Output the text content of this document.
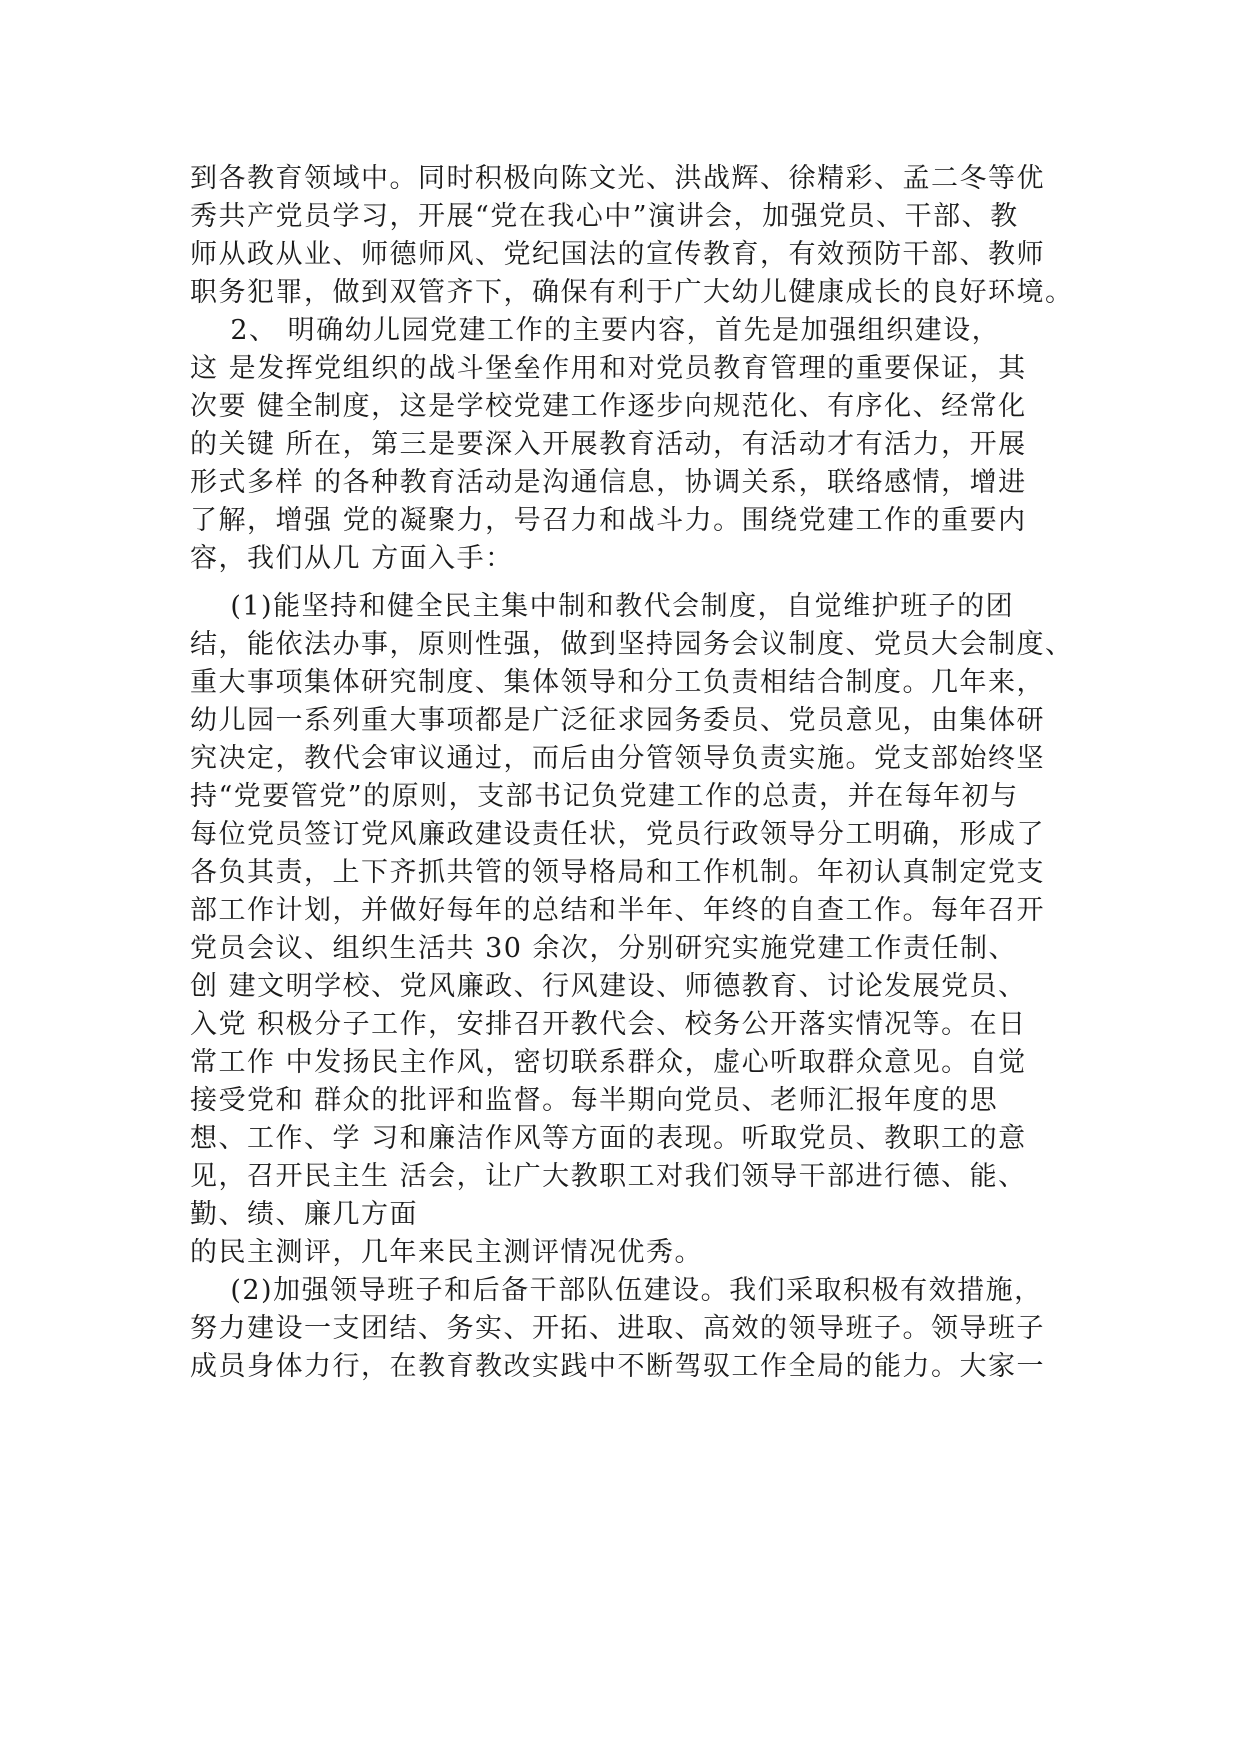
到各教育领域中。同时积极向陈文光、洪战辉、徐精彩、孟二冬等优
秀共产党员学习，开展“党在我心中”演讲会，加强党员、干部、教
师从政从业、师德师风、党纪国法的宣传教育，有效预防干部、教师
职务犯罪，做到双管齐下，确保有利于广大幼儿健康成长的良好环境。
2、 明确幼儿园党建工作的主要内容，首先是加强组织建设，
这 是发挥党组织的战斗堡垒作用和对党员教育管理的重要保证，其
次要 健全制度，这是学校党建工作逐步向规范化、有序化、经常化
的关键 所在，第三是要深入开展教育活动，有活动才有活力，开展
形式多样 的各种教育活动是沟通信息，协调关系，联络感情，增进
了解，增强 党的凝聚力，号召力和战斗力。围绕党建工作的重要内
容，我们从几 方面入手：
(1)能坚持和健全民主集中制和教代会制度，自觉维护班子的团
结，能依法办事，原则性强，做到坚持园务会议制度、党员大会制度、
重大事项集体研究制度、集体领导和分工负责相结合制度。几年来，
幼儿园一系列重大事项都是广泛征求园务委员、党员意见，由集体研
究决定，教代会审议通过，而后由分管领导负责实施。党支部始终坚
持“党要管党”的原则，支部书记负党建工作的总责，并在每年初与
每位党员签订党风廉政建设责任状，党员行政领导分工明确，形成了
各负其责，上下齐抓共管的领导格局和工作机制。年初认真制定党支
部工作计划，并做好每年的总结和半年、年终的自查工作。每年召开
党员会议、组织生活共 30 余次，分别研究实施党建工作责任制、
创 建文明学校、党风廉政、行风建设、师德教育、讨论发展党员、
入党 积极分子工作，安排召开教代会、校务公开落实情况等。在日
常工作 中发扬民主作风，密切联系群众，虚心听取群众意见。自觉
接受党和 群众的批评和监督。每半期向党员、老师汇报年度的思
想、工作、学 习和廉洁作风等方面的表现。听取党员、教职工的意
见，召开民主生 活会，让广大教职工对我们领导干部进行德、能、
勤、绩、廉几方面
的民主测评，几年来民主测评情况优秀。
(2)加强领导班子和后备干部队伍建设。我们采取积极有效措施，
努力建设一支团结、务实、开拓、进取、高效的领导班子。领导班子
成员身体力行，在教育教改实践中不断驾驭工作全局的能力。大家一
